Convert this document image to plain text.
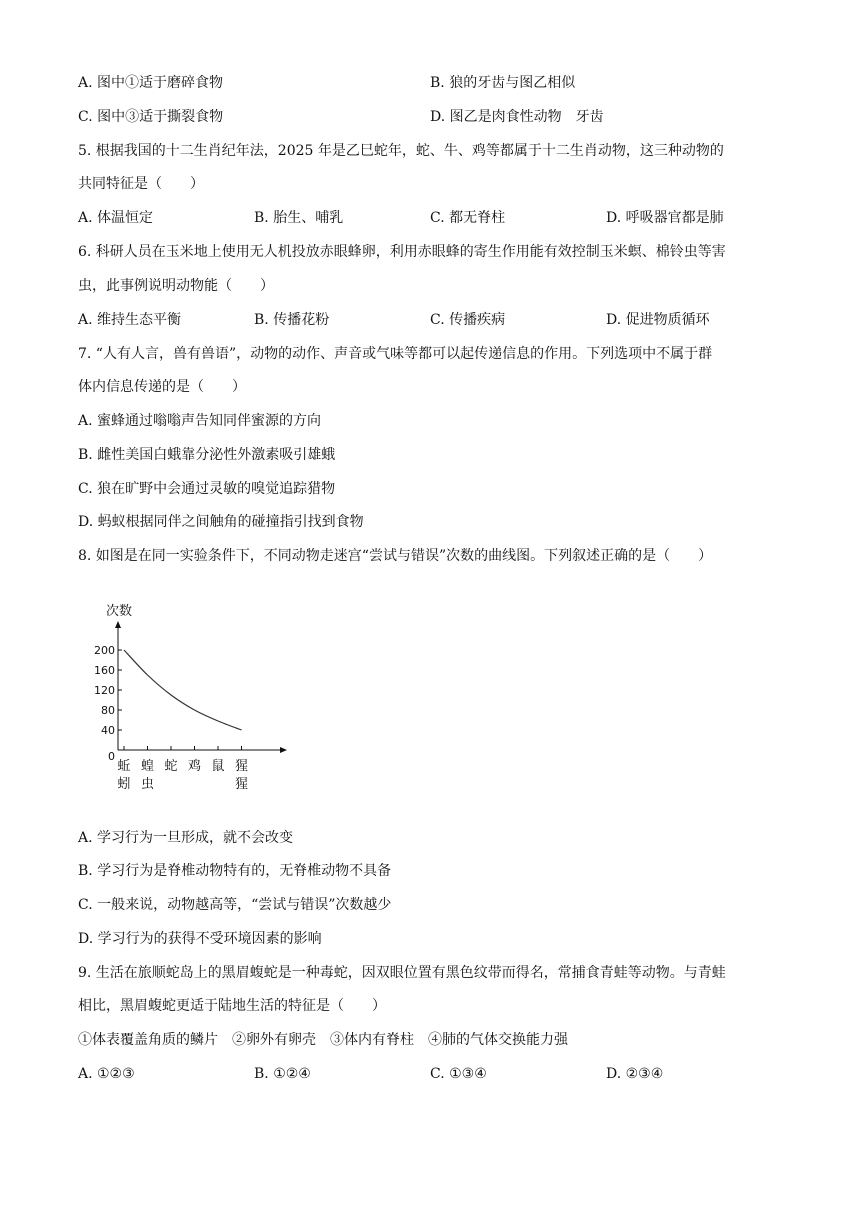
A. 图中①适于磨碎食物	B. 狼的牙齿与图乙相似
C. 图中③适于撕裂食物	D. 图乙是肉食性动物　牙齿
5. 根据我国的十二生肖纪年法，2025 年是乙巳蛇年，蛇、牛、鸡等都属于十二生肖动物，这三种动物的
共同特征是（　　）
A. 体温恒定	B. 胎生、哺乳	C. 都无脊柱	D. 呼吸器官都是肺
6. 科研人员在玉米地上使用无人机投放赤眼蜂卵，利用赤眼蜂的寄生作用能有效控制玉米螟、棉铃虫等害
虫，此事例说明动物能（　　）
A. 维持生态平衡	B. 传播花粉	C. 传播疾病	D. 促进物质循环
7. “人有人言，兽有兽语”，动物的动作、声音或气味等都可以起传递信息的作用。下列选项中不属于群
体内信息传递的是（　　）
A. 蜜蜂通过嗡嗡声告知同伴蜜源的方向
B. 雌性美国白蛾靠分泌性外激素吸引雄蛾
C. 狼在旷野中会通过灵敏的嗅觉追踪猎物
D. 蚂蚁根据同伴之间触角的碰撞指引找到食物
8. 如图是在同一实验条件下，不同动物走迷宫“尝试与错误”次数的曲线图。下列叙述正确的是（　　）
次数
0
40
80
120
160
200
蚯
蚓
蝗
虫
蛇 鸡 鼠 猩
猩
A. 学习行为一旦形成，就不会改变
B. 学习行为是脊椎动物特有的，无脊椎动物不具备
C. 一般来说，动物越高等，“尝试与错误”次数越少
D. 学习行为的获得不受环境因素的影响
9. 生活在旅顺蛇岛上的黑眉蝮蛇是一种毒蛇，因双眼位置有黑色纹带而得名，常捕食青蛙等动物。与青蛙
相比，黑眉蝮蛇更适于陆地生活的特征是（　　）
①体表覆盖角质的鳞片　②卵外有卵壳　③体内有脊柱　④肺的气体交换能力强
A. ①②③	B. ①②④	C. ①③④	D. ②③④
